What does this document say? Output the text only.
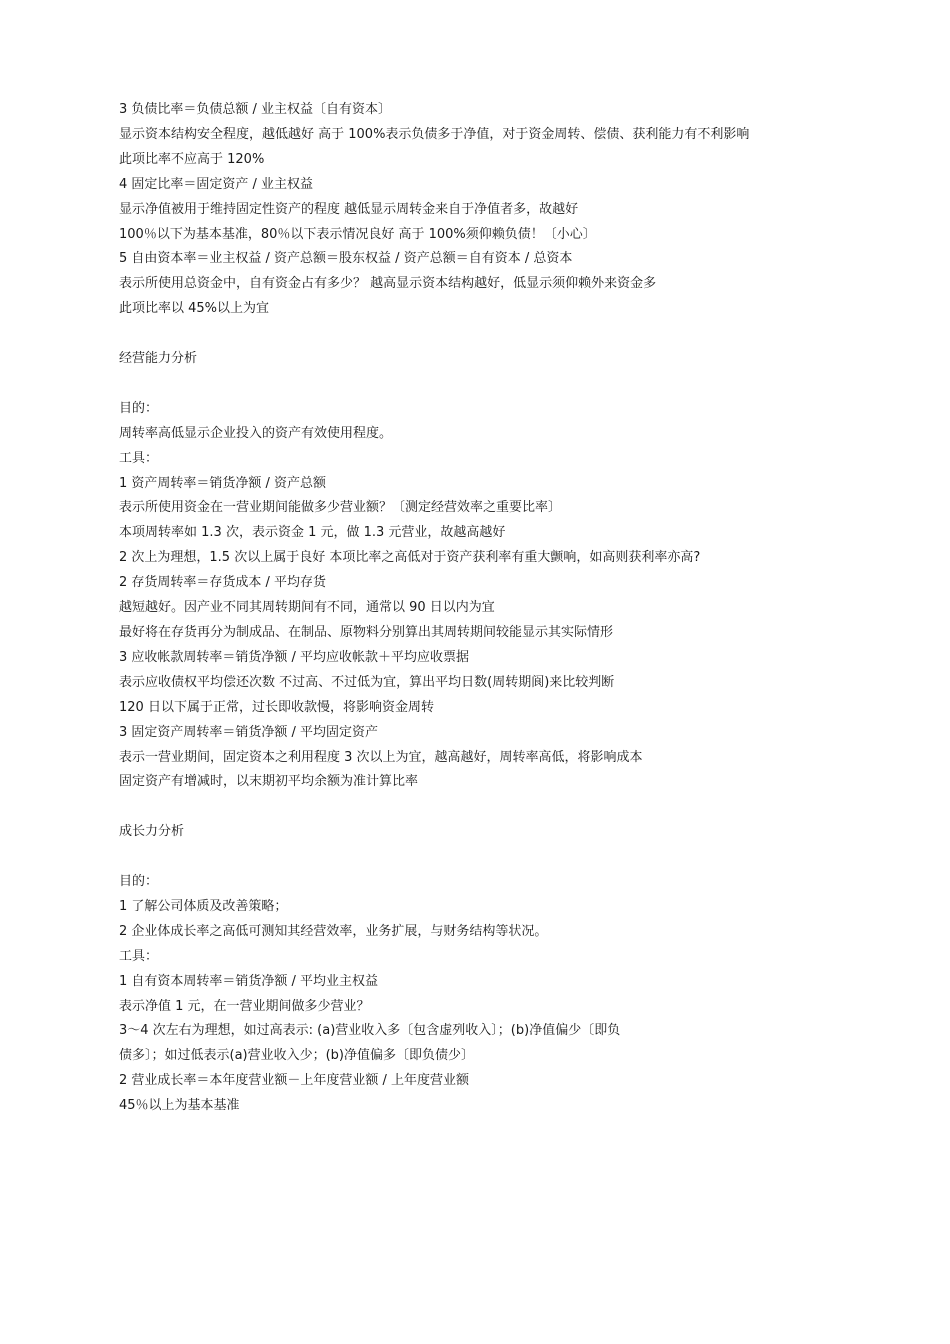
3 负债比率＝负债总额 / 业主权益〔自有资本〕

显示资本结构安全程度，越低越好 高于 100%表示负债多于净值，对于资金周转、偿债、获利能力有不利影响

此项比率不应高于 120%

4 固定比率＝固定资产 / 业主权益

显示净值被用于维持固定性资产的程度 越低显示周转金来自于净值者多，故越好

100％以下为基本基准，80％以下表示情况良好 高于 100%须仰赖负债！〔小心〕

5 自由资本率＝业主权益 / 资产总额＝股东权益 / 资产总额＝自有资本 / 总资本

表示所使用总资金中，自有资金占有多少？ 越高显示资本结构越好，低显示须仰赖外来资金多

此项比率以 45%以上为宜

经营能力分析

目的：

周转率高低显示企业投入的资产有效使用程度。

工具：

1 资产周转率＝销货净额 / 资产总额

表示所使用资金在一营业期间能做多少营业额？〔测定经营效率之重要比率〕

本项周转率如 1.3 次，表示资金 1 元，做 1.3 元营业，故越高越好

2 次上为理想，1.5 次以上属于良好 本项比率之高低对于资产获利率有重大颤响，如高则获利率亦高?

2 存货周转率＝存货成本 / 平均存货

越短越好。因产业不同其周转期间有不同，通常以 90 日以内为宜

最好将在存货再分为制成品、在制品、原物料分别算出其周转期间较能显示其实际情形

3 应收帐款周转率＝销货净额 / 平均应收帐款＋平均应收票据

表示应收债权平均偿还次数 不过高、不过低为宜，算出平均日数(周转期阆)来比较判断

120 日以下属于正常，过长即收款慢，将影响资金周转

3 固定资产周转率＝销货净额 / 平均固定资产

表示一营业期间，固定资本之利用程度 3 次以上为宜，越高越好，周转率高低，将影响成本

固定资产有增减时，以末期初平均余额为准计算比率

成长力分析

目的：

1 了解公司体质及改善策略；

2 企业体成长率之高低可测知其经营效率，业务扩展，与财务结构等状况。

工具：

1 自有资本周转率＝销货净额 / 平均业主权益

表示净值 1 元，在一营业期间做多少营业？

3～4 次左右为理想，如过高表示: (a)营业收入多〔包含虚列收入〕；(b)净值偏少〔即负

债多〕；如过低表示(a)营业收入少；(b)净值偏多〔即负债少〕

2 营业成长率＝本年度营业额－上年度营业额 / 上年度营业额

45％以上为基本基准
